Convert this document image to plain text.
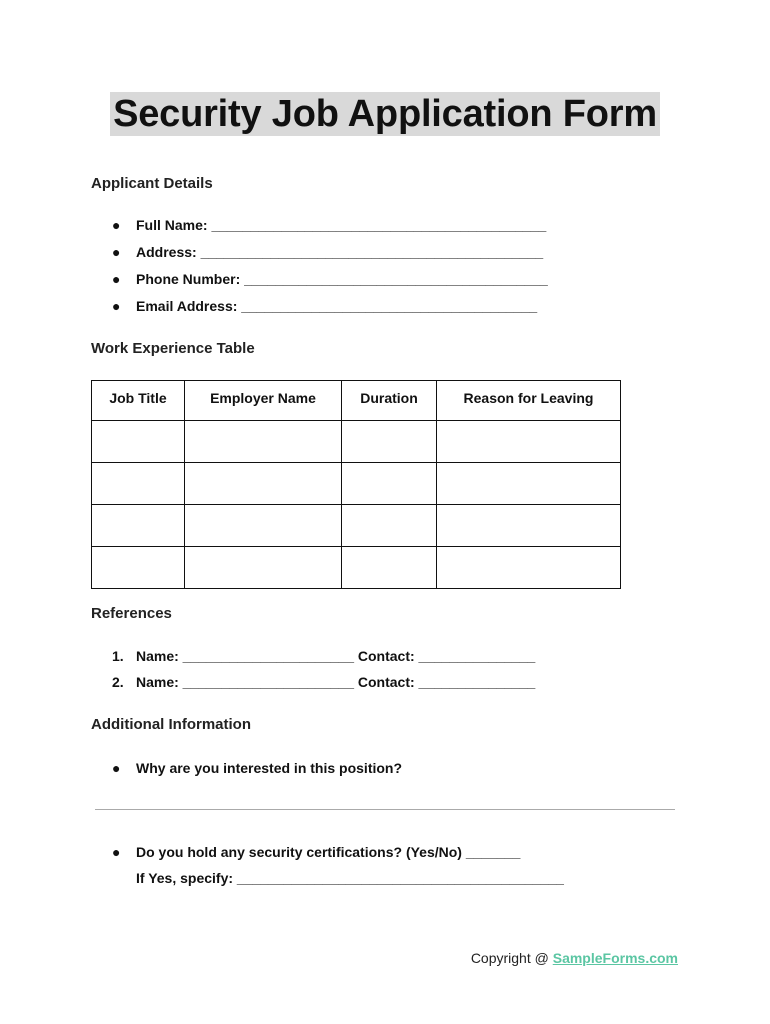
Security Job Application Form
Applicant Details
● Full Name: ___________________________________________
● Address: ____________________________________________
● Phone Number: _______________________________________
● Email Address: ______________________________________
Work Experience Table
Job Title	Employer Name	Duration	Reason for Leaving

References
1. Name: ______________________ Contact: _______________
2. Name: ______________________ Contact: _______________
Additional Information
● Why are you interested in this position?
● Do you hold any security certifications? (Yes/No) _______
If Yes, specify: __________________________________________
Copyright @ SampleForms.com
